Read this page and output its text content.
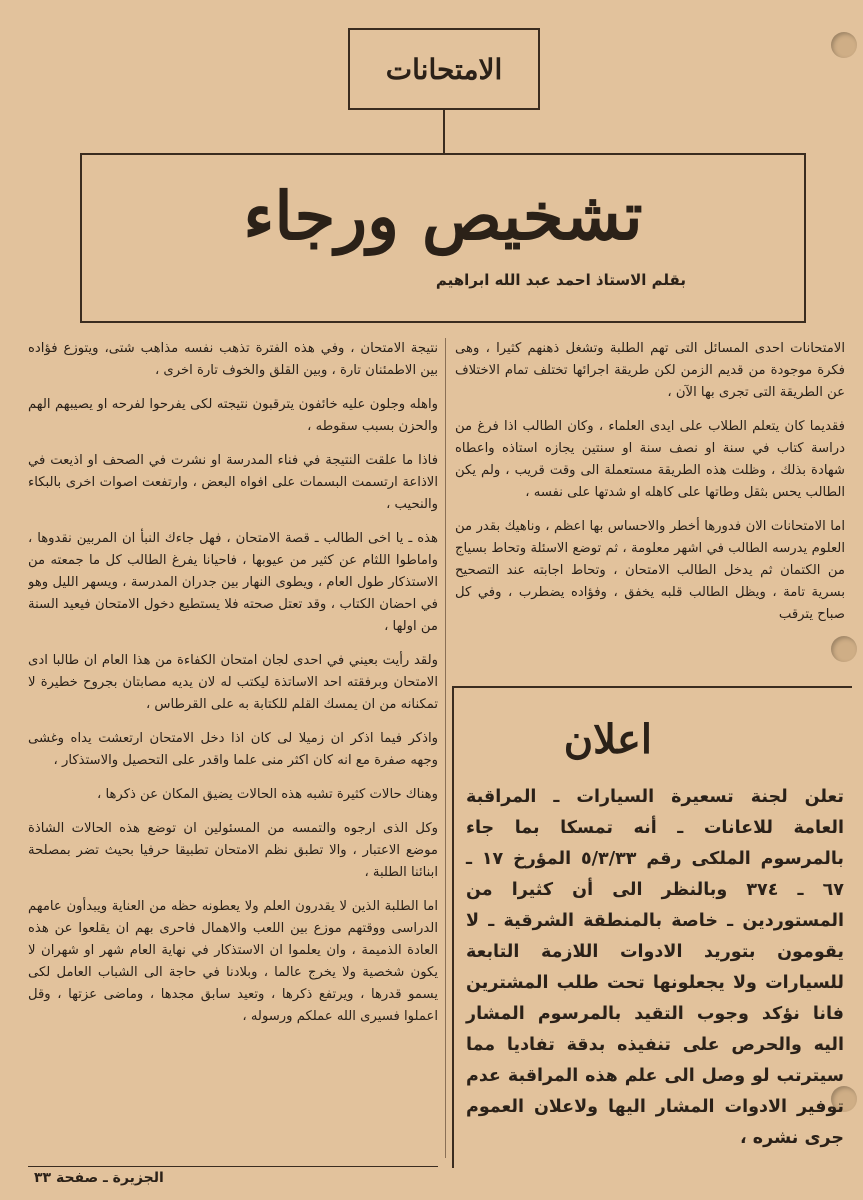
الامتحانات
تشخيص ورجاء
بقلم الاستاذ احمد عبد الله ابراهيم

الامتحانات احدى المسائل التى تهم الطلبة وتشغل ذهنهم كثيرا ، وهى فكرة موجودة من قديم الزمن لكن طريقة اجرائها تختلف تمام الاختلاف عن الطريقة التى تجرى بها الآن ،

فقديما كان يتعلم الطلاب على ايدى العلماء ، وكان الطالب اذا فرغ من دراسة كتاب في سنة او نصف سنة او سنتين يجازه استاذه واعطاه شهادة بذلك ، وظلت هذه الطريقة مستعملة الى وقت قريب ، ولم يكن الطالب يحس بثقل وطاتها على كاهله او شدتها على نفسه ،

اما الامتحانات الان فدورها أخطر والاحساس بها اعظم ، وناهيك بقدر من العلوم يدرسه الطالب في اشهر معلومة ، ثم توضع الاسئلة وتحاط بسياج من الكتمان ثم يدخل الطالب الامتحان ، وتحاط اجابته عند التصحيح بسرية تامة ، ويظل الطالب قلبه يخفق ، وفؤاده يضطرب ، وفي كل صباح يترقب

نتيجة الامتحان ، وفي هذه الفترة تذهب نفسه مذاهب شتى، ويتوزع فؤاده بين الاطمئنان تارة ، وبين القلق والخوف تارة اخرى ،

واهله وجلون عليه خائفون يترقبون نتيجته لكى يفرحوا لفرحه او يصيبهم الهم والحزن بسبب سقوطه ،

فاذا ما علقت النتيجة في فناء المدرسة او نشرت في الصحف او اذيعت في الاذاعة ارتسمت البسمات على افواه البعض ، وارتفعت اصوات اخرى بالبكاء والنحيب ،

هذه ـ يا اخى الطالب ـ قصة الامتحان ، فهل جاءك النبأ ان المربين نقدوها ، واماطوا اللثام عن كثير من عيوبها ، فاحيانا يفرغ الطالب كل ما جمعته من الاستذكار طول العام ، ويطوى النهار بين جدران المدرسة ، ويسهر الليل وهو في احضان الكتاب ، وقد تعتل صحته فلا يستطيع دخول الامتحان فيعيد السنة من اولها ،

ولقد رأيت بعيني في احدى لجان امتحان الكفاءة من هذا العام ان طالبا ادى الامتحان وبرفقته احد الاساتذة ليكتب له لان يديه مصابتان بجروح خطيرة لا تمكنانه من ان يمسك القلم للكتابة به على القرطاس ،

واذكر فيما اذكر ان زميلا لى كان اذا دخل الامتحان ارتعشت يداه وغشى وجهه صفرة مع انه كان اكثر منى علما واقدر على التحصيل والاستذكار ،

وهناك حالات كثيرة تشبه هذه الحالات يضيق المكان عن ذكرها ،

وكل الذى ارجوه والتمسه من المسئولين ان توضع هذه الحالات الشاذة موضع الاعتبار ، والا تطبق نظم الامتحان تطبيقا حرفيا بحيث تضر بمصلحة ابنائنا الطلبة ،

اما الطلبة الذين لا يقدرون العلم ولا يعطونه حظه من العناية ويبدأون عامهم الدراسى ووقتهم موزع بين اللعب والاهمال فاحرى بهم ان يقلعوا عن هذه العادة الذميمة ، وان يعلموا ان الاستذكار في نهاية العام شهر او شهران لا يكون شخصية ولا يخرج عالما ، وبلادنا في حاجة الى الشباب العامل لكى يسمو قدرها ، ويرتفع ذكرها ، وتعيد سابق مجدها ، وماضى عزتها ، وقل اعملوا فسيرى الله عملكم ورسوله ،

اعلان
تعلن لجنة تسعيرة السيارات ـ المراقبة العامة للاعانات ـ أنه تمسكا بما جاء بالمرسوم الملكى رقم ٥/٣/٣٣ المؤرخ ١٧ ـ ٦٧ ـ ٣٧٤ وبالنظر الى أن كثيرا من المستوردين ـ خاصة بالمنطقة الشرقية ـ لا يقومون بتوريد الادوات اللازمة التابعة للسيارات ولا يجعلونها تحت طلب المشترين فانا نؤكد وجوب التقيد بالمرسوم المشار اليه والحرص على تنفيذه بدقة تفاديا مما سيترتب لو وصل الى علم هذه المراقبة عدم توفير الادوات المشار اليها ولاعلان العموم جرى نشره ،
الجزيرة ـ صفحة ٣٣
